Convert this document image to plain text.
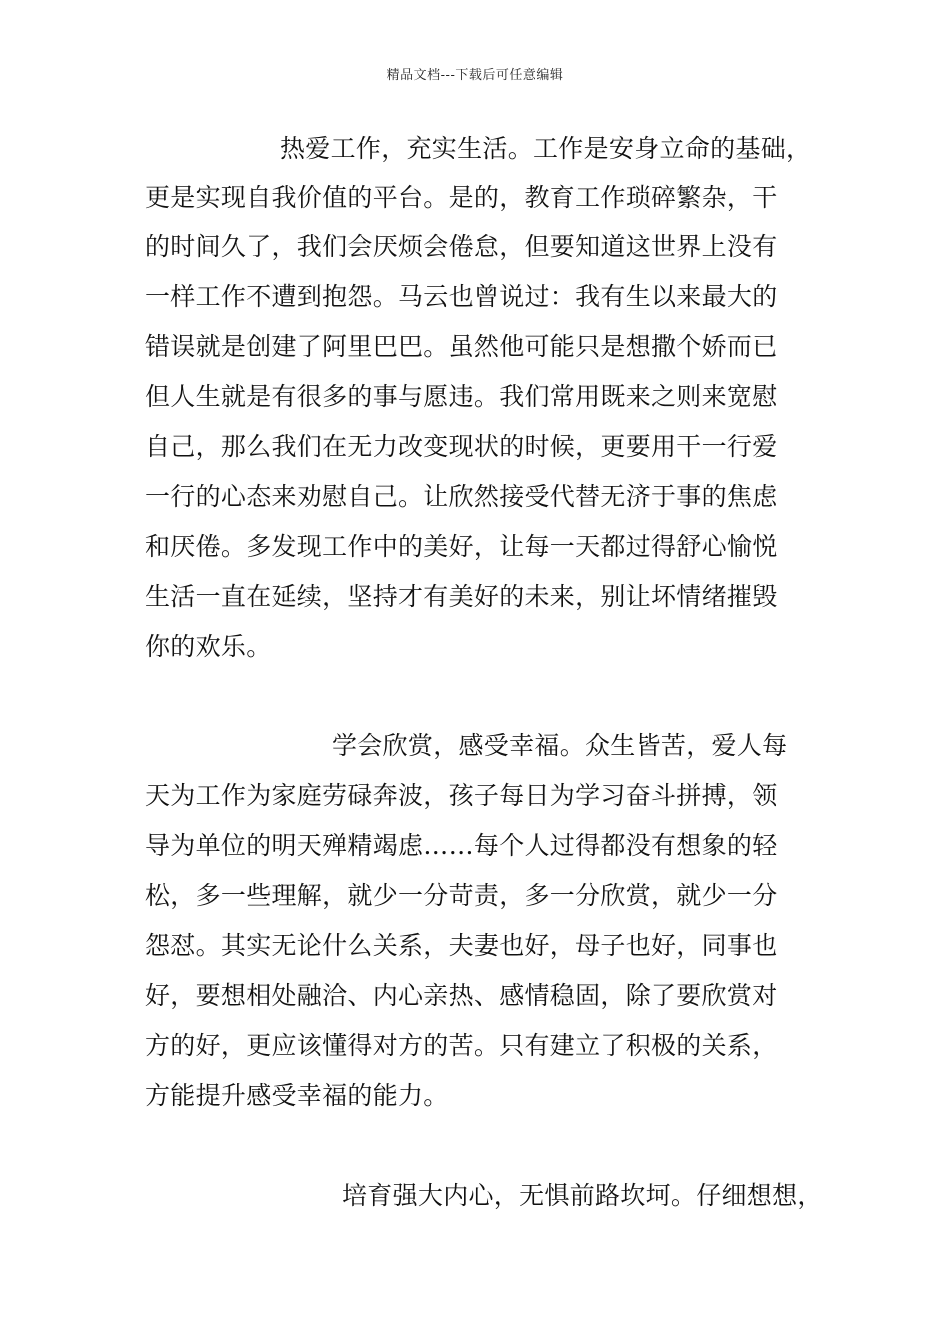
精品文档---下载后可任意编辑
热爱工作，充实生活。工作是安身立命的基础，
更是实现自我价值的平台。是的，教育工作琐碎繁杂，干
的时间久了，我们会厌烦会倦怠，但要知道这世界上没有
一样工作不遭到抱怨。马云也曾说过：我有生以来最大的
错误就是创建了阿里巴巴。虽然他可能只是想撒个娇而已
但人生就是有很多的事与愿违。我们常用既来之则来宽慰
自己，那么我们在无力改变现状的时候，更要用干一行爱
一行的心态来劝慰自己。让欣然接受代替无济于事的焦虑
和厌倦。多发现工作中的美好，让每一天都过得舒心愉悦
生活一直在延续，坚持才有美好的未来，别让坏情绪摧毁
你的欢乐。
学会欣赏，感受幸福。众生皆苦，爱人每
天为工作为家庭劳碌奔波，孩子每日为学习奋斗拼搏，领
导为单位的明天殚精竭虑……每个人过得都没有想象的轻
松，多一些理解，就少一分苛责，多一分欣赏，就少一分
怨怼。其实无论什么关系，夫妻也好，母子也好，同事也
好，要想相处融洽、内心亲热、感情稳固，除了要欣赏对
方的好，更应该懂得对方的苦。只有建立了积极的关系，
方能提升感受幸福的能力。
培育强大内心，无惧前路坎坷。仔细想想，
